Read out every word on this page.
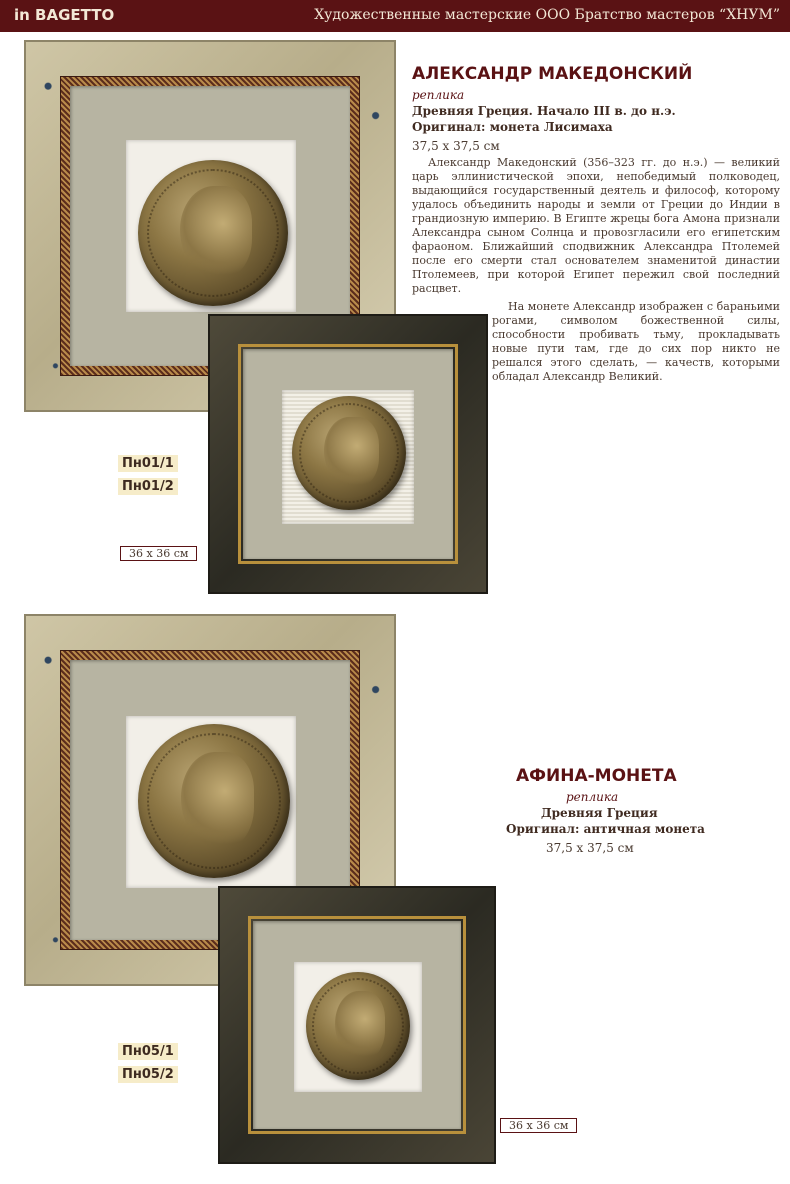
in BAGETTO	Художественные мастерские ООО Братство мастеров “ХНУМ”
АЛЕКСАНДР МАКЕДОНСКИЙ
реплика
Древняя Греция. Начало III в. до н.э.
Оригинал: монета Лисимаха
37,5 х 37,5 см

Александр Македонский (356–323 гг. до н.э.) — великий царь эллинистической эпохи, непобедимый полководец, выдающийся государственный деятель и философ, которому удалось объединить народы и земли от Греции до Индии в грандиозную империю. В Египте жрецы бога Амона признали Александра сыном Солнца и провозгласили его египетским фараоном. Ближайший сподвижник Александра Птолемей после его смерти стал основателем знаменитой династии Птолемеев, при которой Египет пережил свой последний расцвет.

На монете Александр изображен с бараньими рогами, символом божественной силы, способности пробивать тьму, прокладывать новые пути там, где до сих пор никто не решался этого сделать, — качеств, которыми обладал Александр Великий.

Пн01/1
Пн01/2
36 х 36 см
АФИНА-МОНЕТА
реплика
Древняя Греция
Оригинал: античная монета
37,5 х 37,5 см
Пн05/1
Пн05/2
36 х 36 см
